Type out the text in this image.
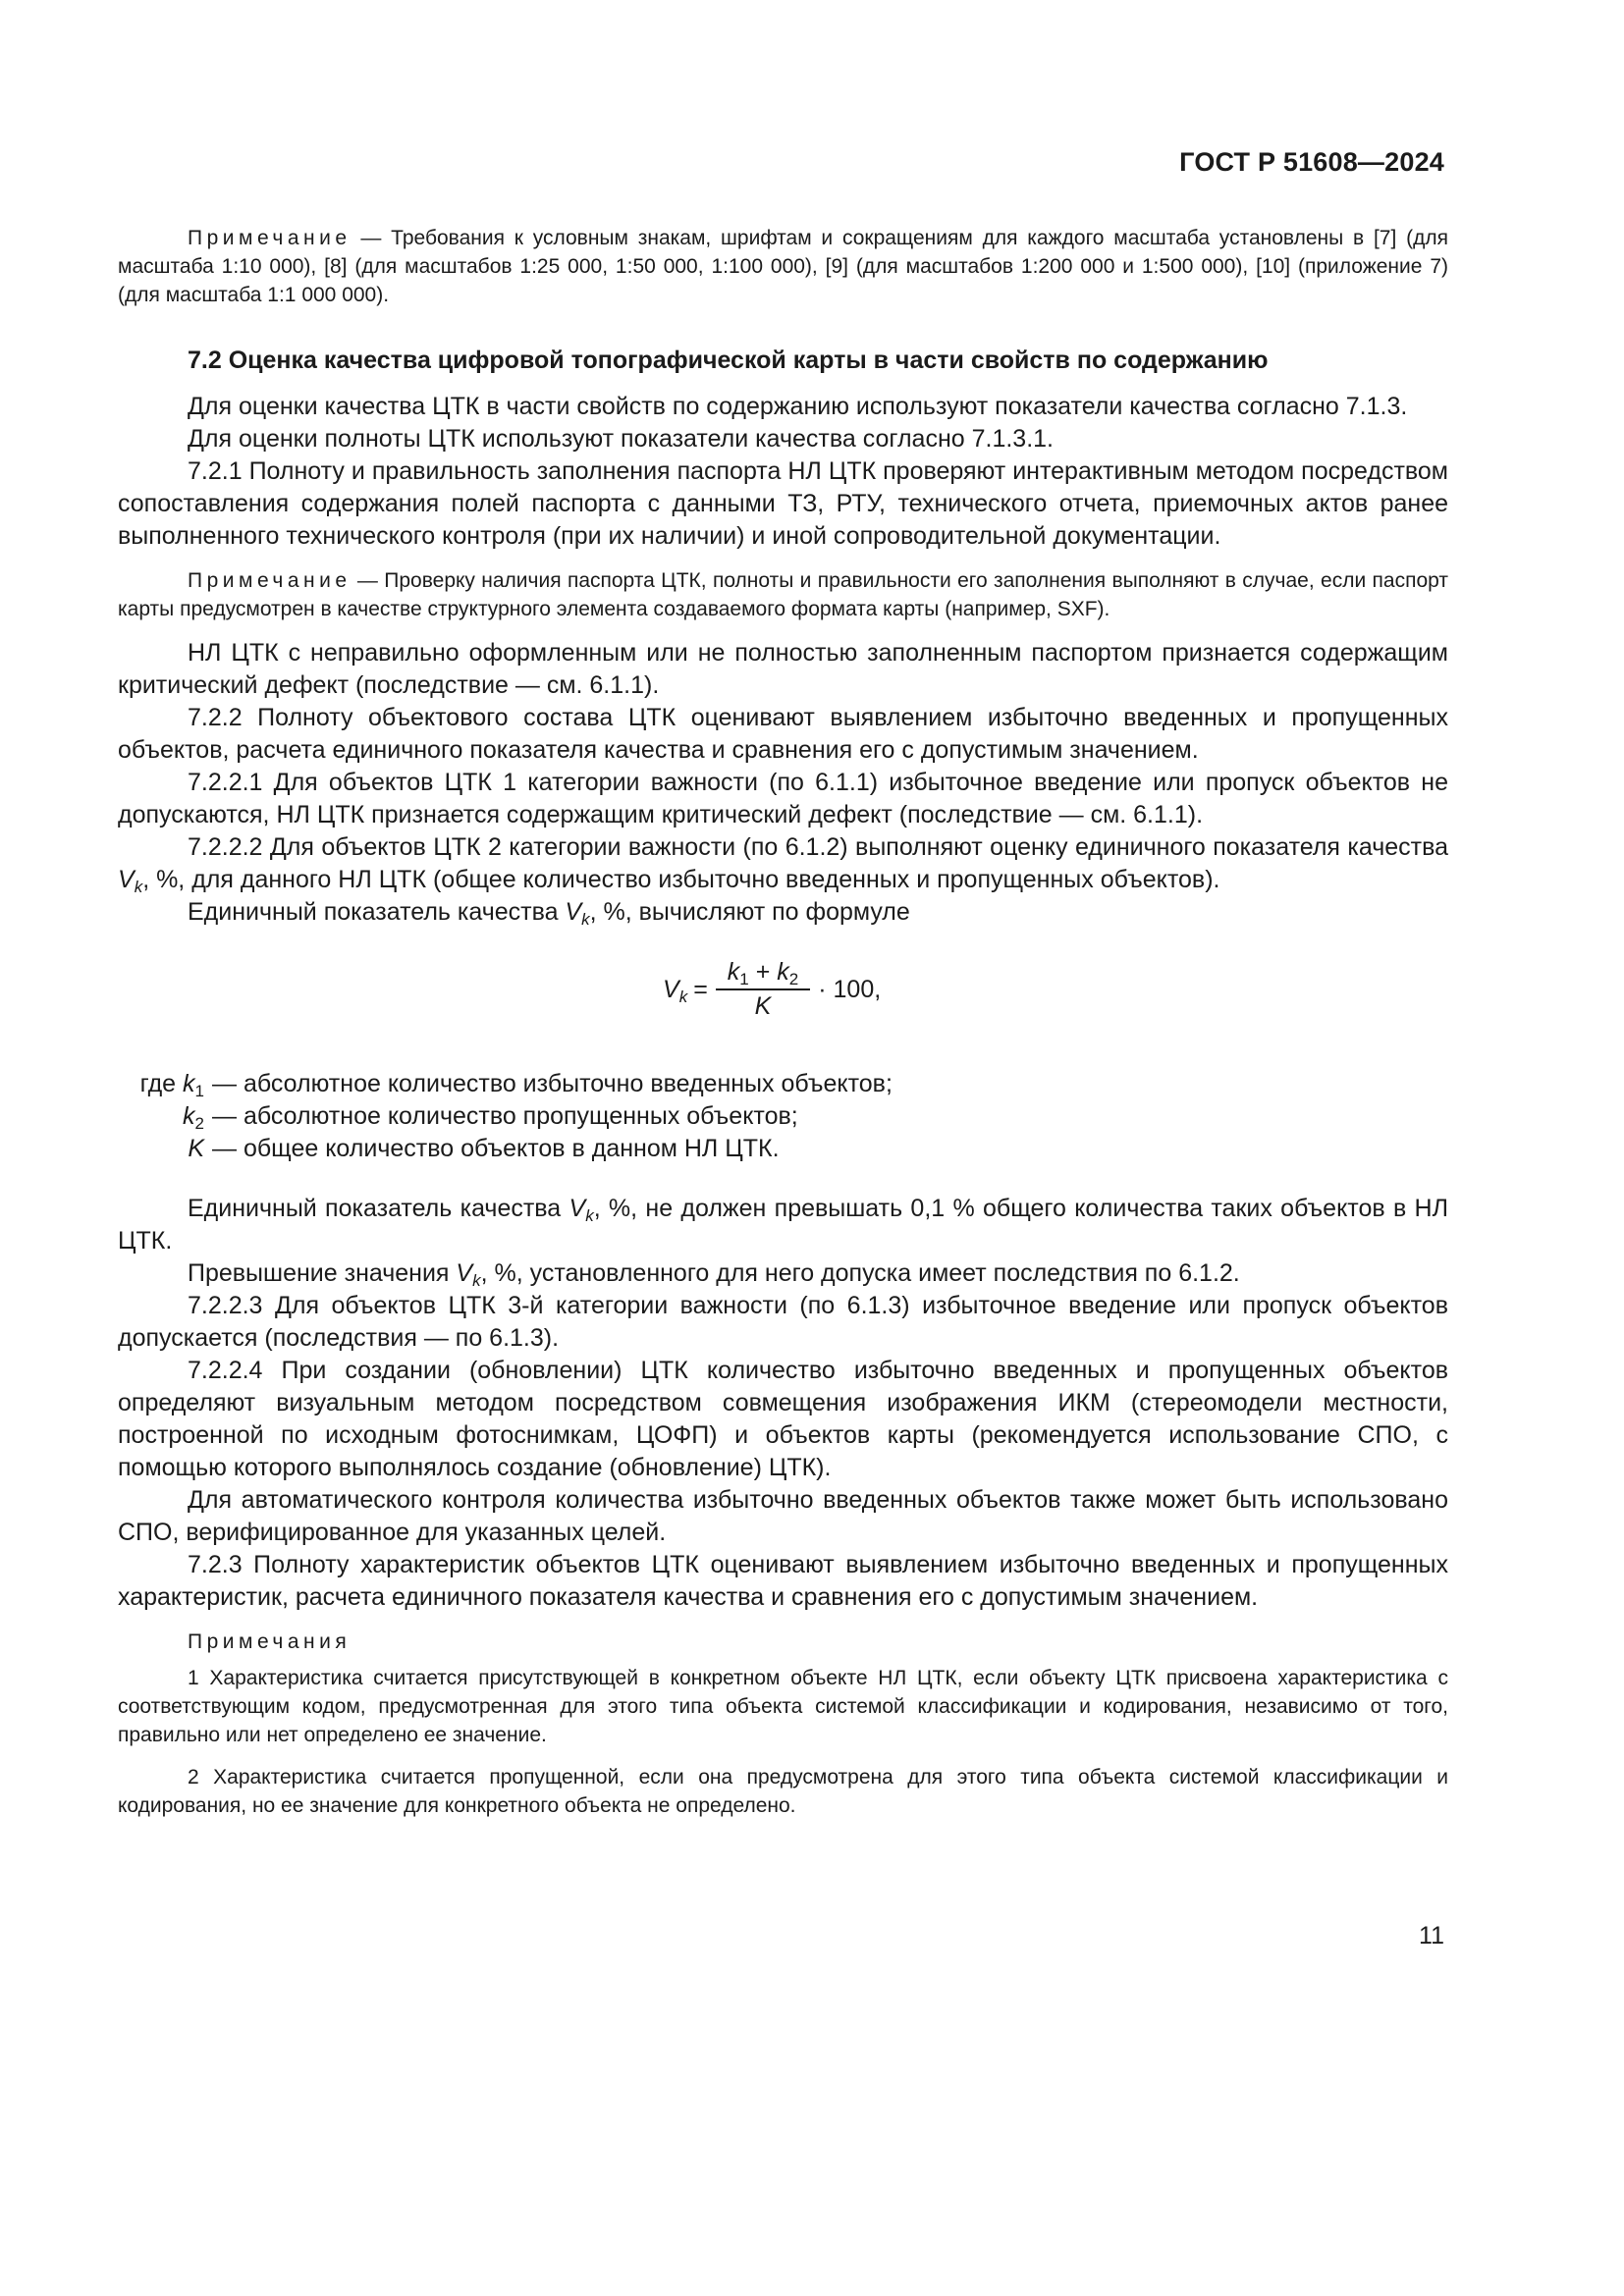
ГОСТ Р 51608—2024

Примечание — Требования к условным знакам, шрифтам и сокращениям для каждого масштаба установлены в [7] (для масштаба 1:10 000), [8] (для масштабов 1:25 000, 1:50 000, 1:100 000), [9] (для масштабов 1:200 000 и 1:500 000), [10] (приложение 7) (для масштаба 1:1 000 000).

7.2 Оценка качества цифровой топографической карты в части свойств по содержанию

Для оценки качества ЦТК в части свойств по содержанию используют показатели качества согласно 7.1.3.

Для оценки полноты ЦТК используют показатели качества согласно 7.1.3.1.

7.2.1 Полноту и правильность заполнения паспорта НЛ ЦТК проверяют интерактивным методом посредством сопоставления содержания полей паспорта с данными ТЗ, РТУ, технического отчета, приемочных актов ранее выполненного технического контроля (при их наличии) и иной сопроводительной документации.

Примечание — Проверку наличия паспорта ЦТК, полноты и правильности его заполнения выполняют в случае, если паспорт карты предусмотрен в качестве структурного элемента создаваемого формата карты (например, SXF).

НЛ ЦТК с неправильно оформленным или не полностью заполненным паспортом признается содержащим критический дефект (последствие — см. 6.1.1).

7.2.2 Полноту объектового состава ЦТК оценивают выявлением избыточно введенных и пропущенных объектов, расчета единичного показателя качества и сравнения его с допустимым значением.

7.2.2.1 Для объектов ЦТК 1 категории важности (по 6.1.1) избыточное введение или пропуск объектов не допускаются, НЛ ЦТК признается содержащим критический дефект (последствие — см. 6.1.1).

7.2.2.2 Для объектов ЦТК 2 категории важности (по 6.1.2) выполняют оценку единичного показателя качества $V_k$, %, для данного НЛ ЦТК (общее количество избыточно введенных и пропущенных объектов).

Единичный показатель качества $V_k$, %, вычисляют по формуле

$V_k = \frac{k_1 + k_2}{K} \cdot 100$,
где $k_1$ — абсолютное количество избыточно введенных объектов;
$k_2$ — абсолютное количество пропущенных объектов;
K — общее количество объектов в данном НЛ ЦТК.

Единичный показатель качества $V_k$, %, не должен превышать 0,1 % общего количества таких объектов в НЛ ЦТК.

Превышение значения $V_k$, %, установленного для него допуска имеет последствия по 6.1.2.

7.2.2.3 Для объектов ЦТК 3-й категории важности (по 6.1.3) избыточное введение или пропуск объектов допускается (последствия — по 6.1.3).

7.2.2.4 При создании (обновлении) ЦТК количество избыточно введенных и пропущенных объектов определяют визуальным методом посредством совмещения изображения ИКМ (стереомодели местности, построенной по исходным фотоснимкам, ЦОФП) и объектов карты (рекомендуется использование СПО, с помощью которого выполнялось создание (обновление) ЦТК).

Для автоматического контроля количества избыточно введенных объектов также может быть использовано СПО, верифицированное для указанных целей.

7.2.3 Полноту характеристик объектов ЦТК оценивают выявлением избыточно введенных и пропущенных характеристик, расчета единичного показателя качества и сравнения его с допустимым значением.

Примечания

1 Характеристика считается присутствующей в конкретном объекте НЛ ЦТК, если объекту ЦТК присвоена характеристика с соответствующим кодом, предусмотренная для этого типа объекта системой классификации и кодирования, независимо от того, правильно или нет определено ее значение.

2 Характеристика считается пропущенной, если она предусмотрена для этого типа объекта системой классификации и кодирования, но ее значение для конкретного объекта не определено.

11
